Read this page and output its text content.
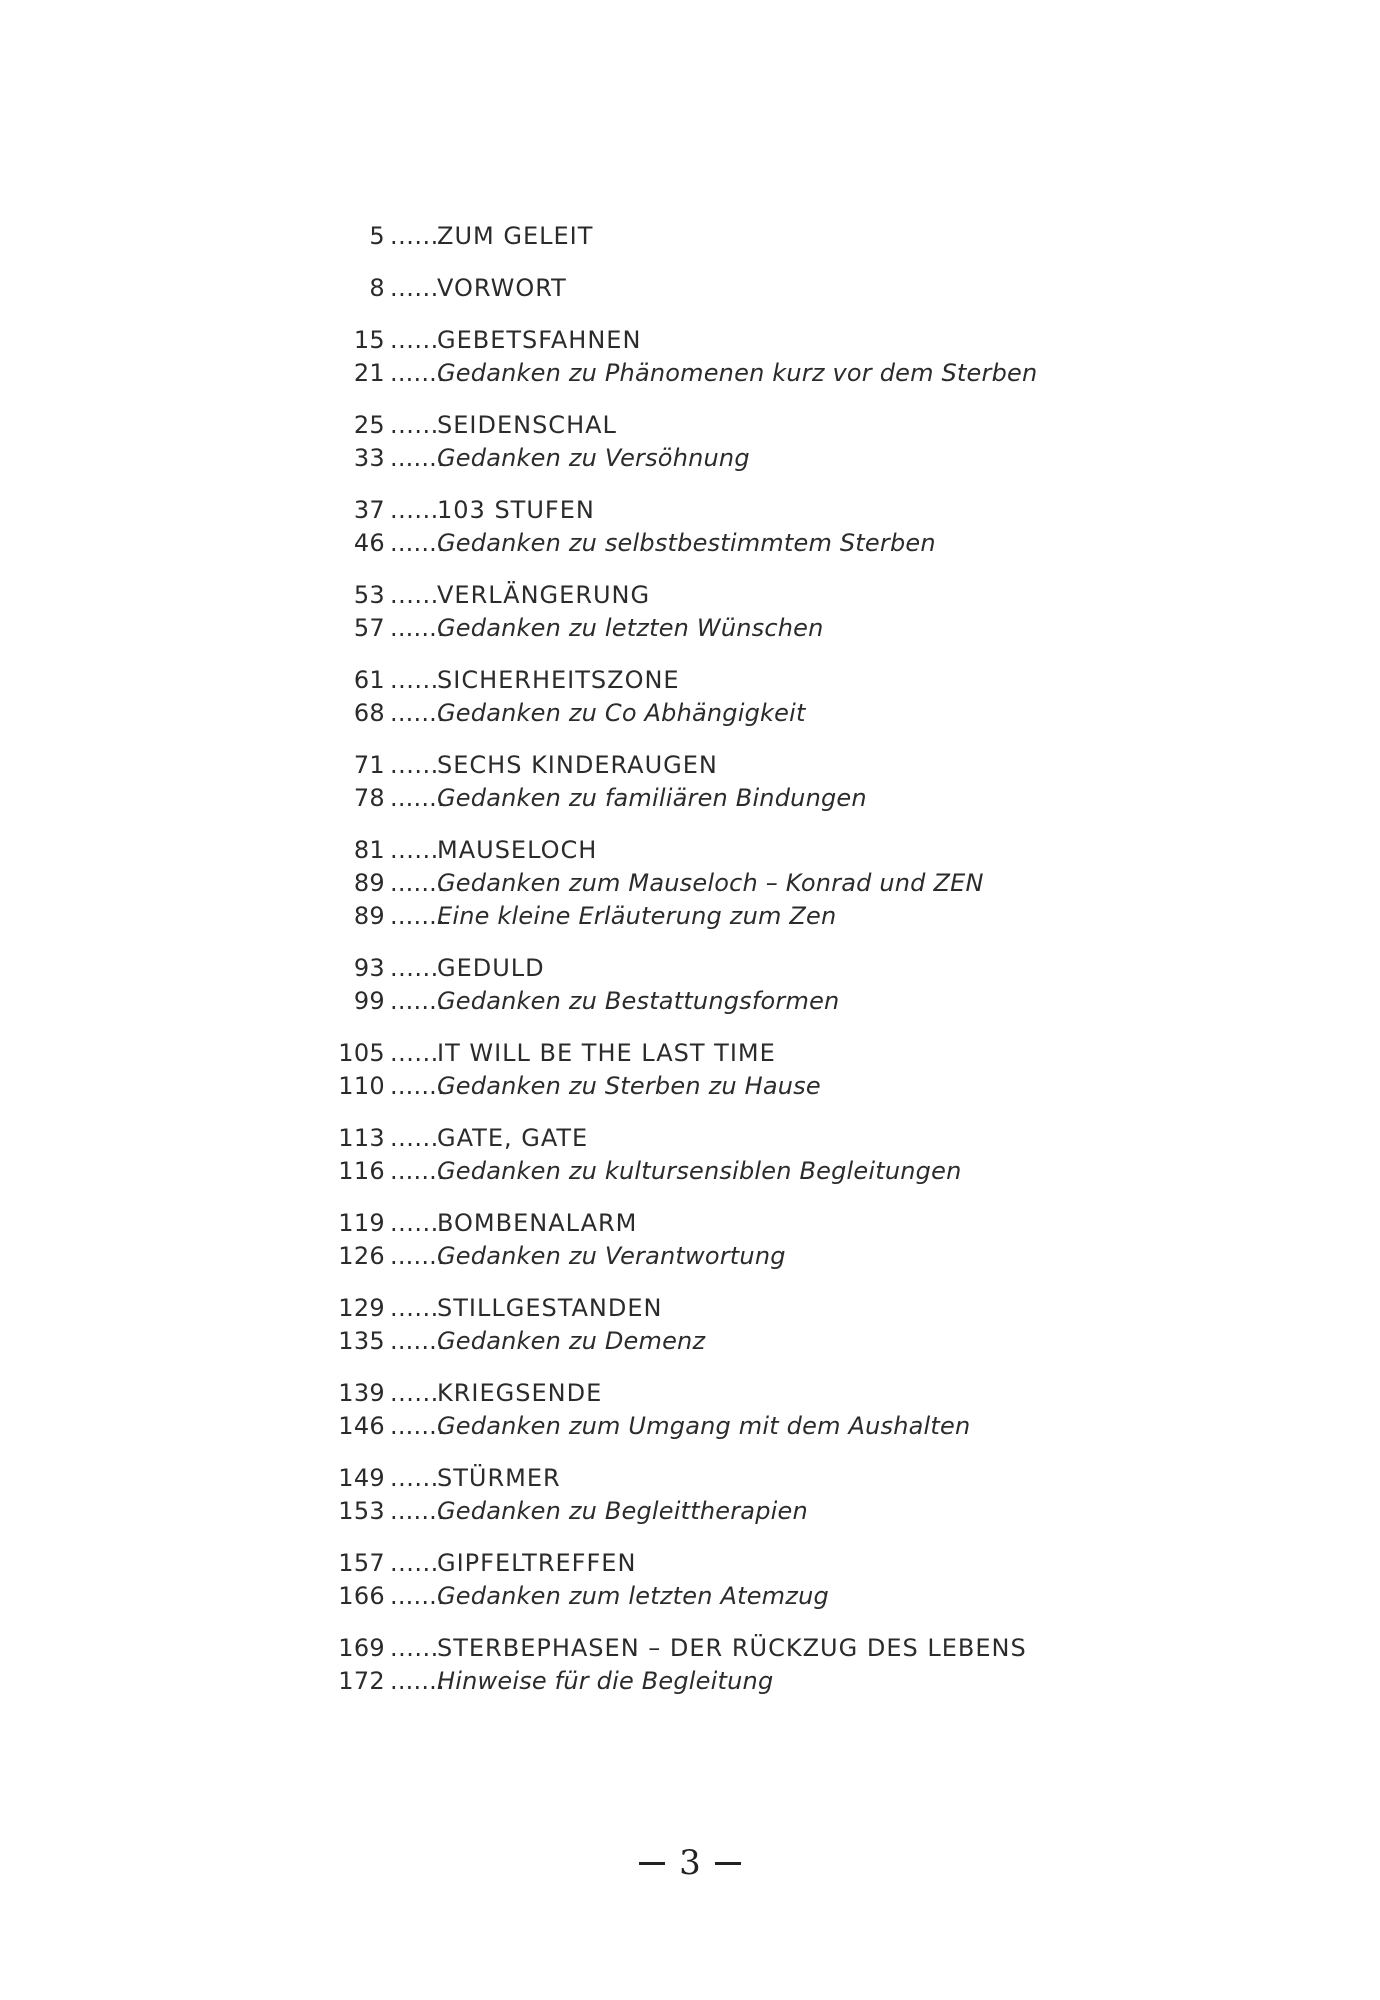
5 ......
ZUM GELEIT
8 ......
VORWORT
15 ......
GEBETSFAHNEN
21 .......
Gedanken zu Phänomenen kurz vor dem Sterben
25 ......
SEIDENSCHAL
33 .......
Gedanken zu Versöhnung
37 ......
103 STUFEN
46 .......
Gedanken zu selbstbestimmtem Sterben
53 ......
VERLÄNGERUNG
57 .......
Gedanken zu letzten Wünschen
61 ......
SICHERHEITSZONE
68 .......
Gedanken zu Co Abhängigkeit
71 ......
SECHS KINDERAUGEN
78 .......
Gedanken zu familiären Bindungen
81 ......
MAUSELOCH
89 .......
Gedanken zum Mauseloch – Konrad und ZEN
89 .......
Eine kleine Erläuterung zum Zen
93 ......
GEDULD
99 .......
Gedanken zu Bestattungsformen
105 ......
IT WILL BE THE LAST TIME
110 .......
Gedanken zu Sterben zu Hause
113 ......
GATE, GATE
116 .......
Gedanken zu kultursensiblen Begleitungen
119 ......
BOMBENALARM
126 .......
Gedanken zu Verantwortung
129 ......
STILLGESTANDEN
135 .......
Gedanken zu Demenz
139 ......
KRIEGSENDE
146 .......
Gedanken zum Umgang mit dem Aushalten
149 ......
STÜRMER
153 .......
Gedanken zu Begleittherapien
157 ......
GIPFELTREFFEN
166 .......
Gedanken zum letzten Atemzug
169 ......
STERBEPHASEN – DER RÜCKZUG DES LEBENS
172 .......
Hinweise für die Begleitung
3
